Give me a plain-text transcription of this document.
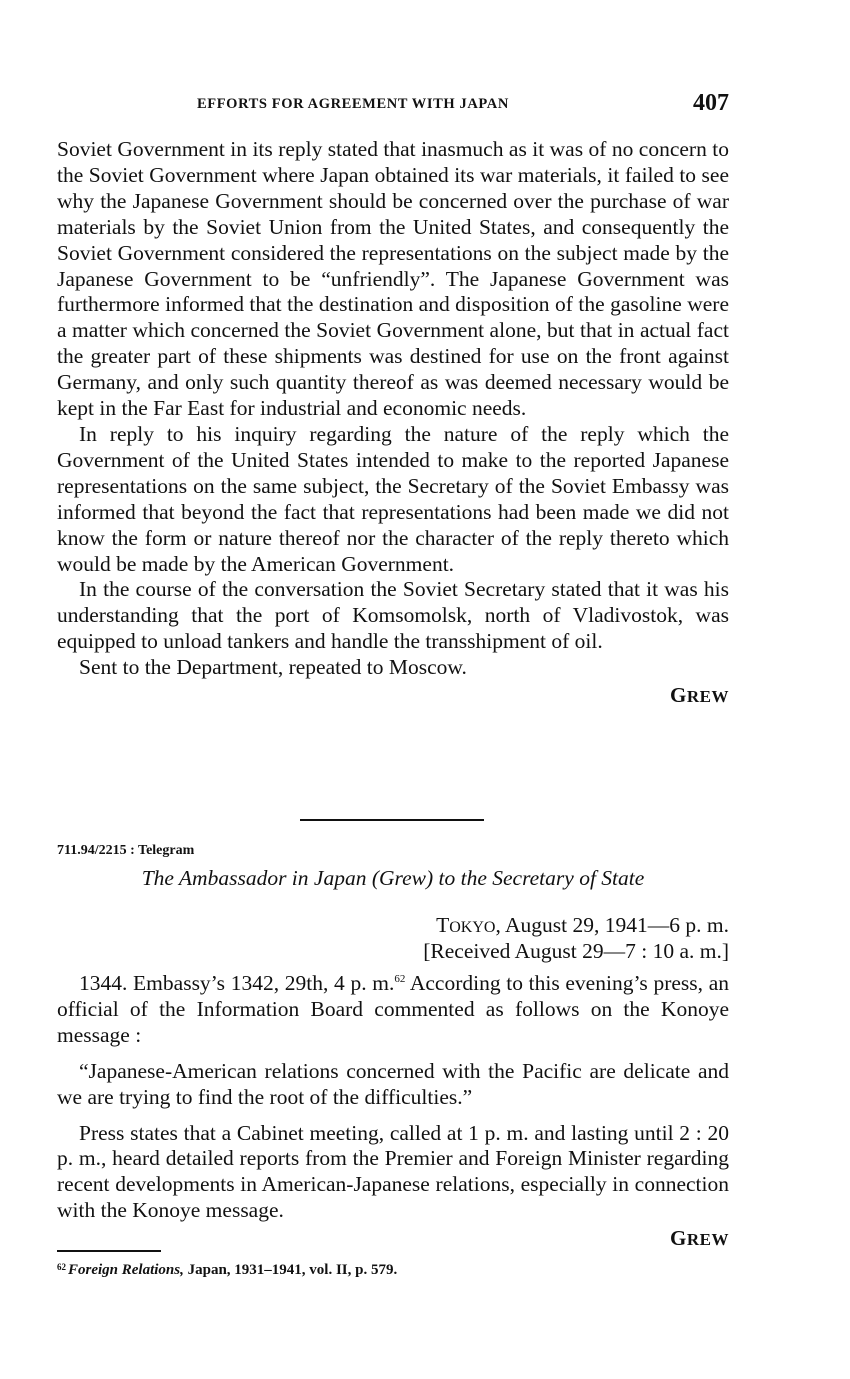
EFFORTS FOR AGREEMENT WITH JAPAN	407

Soviet Government in its reply stated that inasmuch as it was of no concern to the Soviet Government where Japan obtained its war materials, it failed to see why the Japanese Government should be concerned over the purchase of war materials by the Soviet Union from the United States, and consequently the Soviet Government considered the representations on the subject made by the Japanese Government to be “unfriendly”. The Japanese Government was furthermore informed that the destination and disposition of the gasoline were a matter which concerned the Soviet Government alone, but that in actual fact the greater part of these shipments was destined for use on the front against Germany, and only such quantity thereof as was deemed necessary would be kept in the Far East for industrial and economic needs.

In reply to his inquiry regarding the nature of the reply which the Government of the United States intended to make to the reported Japanese representations on the same subject, the Secretary of the Soviet Embassy was informed that beyond the fact that representations had been made we did not know the form or nature thereof nor the character of the reply thereto which would be made by the American Government.

In the course of the conversation the Soviet Secretary stated that it was his understanding that the port of Komsomolsk, north of Vladivostok, was equipped to unload tankers and handle the transshipment of oil.

Sent to the Department, repeated to Moscow.

GREW
711.94/2215 : Telegram
The Ambassador in Japan (Grew) to the Secretary of State
TOKYO, August 29, 1941—6 p. m.
[Received August 29—7 : 10 a. m.]

1344. Embassy’s 1342, 29th, 4 p. m.$^{62}$ According to this evening’s press, an official of the Information Board commented as follows on the Konoye message :

“Japanese-American relations concerned with the Pacific are delicate and we are trying to find the root of the difficulties.”

Press states that a Cabinet meeting, called at 1 p. m. and lasting until 2 : 20 p. m., heard detailed reports from the Premier and Foreign Minister regarding recent developments in American-Japanese relations, especially in connection with the Konoye message.

GREW
$^{62}$ Foreign Relations, Japan, 1931–1941, vol. II, p. 579.
